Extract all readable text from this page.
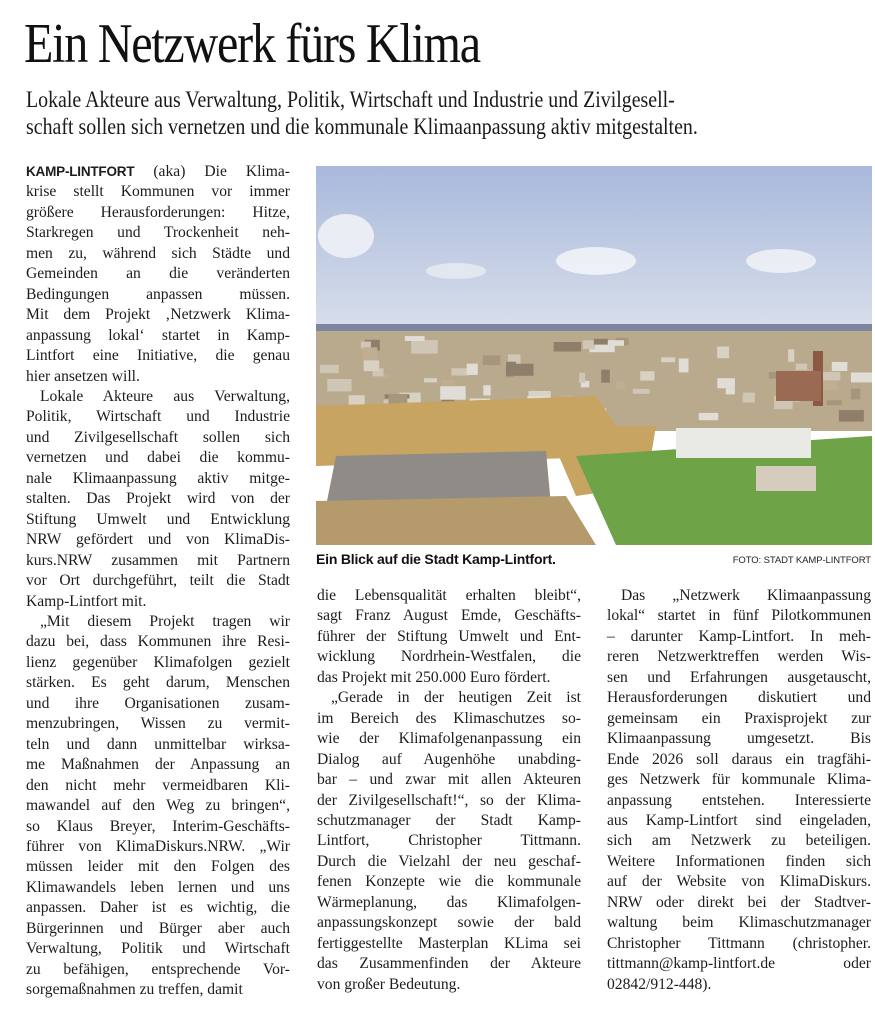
Ein Netzwerk fürs Klima
Lokale Akteure aus Verwaltung, Politik, Wirtschaft und Industrie und Zivilgesell-
schaft sollen sich vernetzen und die kommunale Klimaanpassung aktiv mitgestalten.
Ein Blick auf die Stadt Kamp-Lintfort.	FOTO: STADT KAMP-LINTFORT

KAMP-LINTFORT (aka) Die Klima-
krise stellt Kommunen vor immer
größere Herausforderungen: Hitze,
Starkregen und Trockenheit neh-
men zu, während sich Städte und
Gemeinden an die veränderten
Bedingungen anpassen müssen.
Mit dem Projekt ‚Netzwerk Klima-
anpassung lokal‘ startet in Kamp-
Lintfort eine Initiative, die genau
hier ansetzen will.

Lokale Akteure aus Verwaltung,
Politik, Wirtschaft und Industrie
und Zivilgesellschaft sollen sich
vernetzen und dabei die kommu-
nale Klimaanpassung aktiv mitge-
stalten. Das Projekt wird von der
Stiftung Umwelt und Entwicklung
NRW gefördert und von KlimaDis-
kurs.NRW zusammen mit Partnern
vor Ort durchgeführt, teilt die Stadt
Kamp-Lintfort mit.

„Mit diesem Projekt tragen wir
dazu bei, dass Kommunen ihre Resi-
lienz gegenüber Klimafolgen gezielt
stärken. Es geht darum, Menschen
und ihre Organisationen zusam-
menzubringen, Wissen zu vermit-
teln und dann unmittelbar wirksa-
me Maßnahmen der Anpassung an
den nicht mehr vermeidbaren Kli-
mawandel auf den Weg zu bringen“,
so Klaus Breyer, Interim-Geschäfts-
führer von KlimaDiskurs.NRW. „Wir
müssen leider mit den Folgen des
Klimawandels leben lernen und uns
anpassen. Daher ist es wichtig, die
Bürgerinnen und Bürger aber auch
Verwaltung, Politik und Wirtschaft
zu befähigen, entsprechende Vor-
sorgemaßnahmen zu treffen, damit

die Lebensqualität erhalten bleibt“,
sagt Franz August Emde, Geschäfts-
führer der Stiftung Umwelt und Ent-
wicklung Nordrhein-Westfalen, die
das Projekt mit 250.000 Euro fördert.

„Gerade in der heutigen Zeit ist
im Bereich des Klimaschutzes so-
wie der Klimafolgenanpassung ein
Dialog auf Augenhöhe unabding-
bar – und zwar mit allen Akteuren
der Zivilgesellschaft!“, so der Klima-
schutzmanager der Stadt Kamp-
Lintfort, Christopher Tittmann.
Durch die Vielzahl der neu geschaf-
fenen Konzepte wie die kommunale
Wärmeplanung, das Klimafolgen-
anpassungskonzept sowie der bald
fertiggestellte Masterplan KLima sei
das Zusammenfinden der Akteure
von großer Bedeutung.

Das „Netzwerk Klimaanpassung
lokal“ startet in fünf Pilotkommunen
– darunter Kamp-Lintfort. In meh-
reren Netzwerktreffen werden Wis-
sen und Erfahrungen ausgetauscht,
Herausforderungen diskutiert und
gemeinsam ein Praxisprojekt zur
Klimaanpassung umgesetzt. Bis
Ende 2026 soll daraus ein tragfähi-
ges Netzwerk für kommunale Klima-
anpassung entstehen. Interessierte
aus Kamp-Lintfort sind eingeladen,
sich am Netzwerk zu beteiligen.
Weitere Informationen finden sich
auf der Website von KlimaDiskurs.
NRW oder direkt bei der Stadtver-
waltung beim Klimaschutzmanager
Christopher Tittmann (christopher.
tittmann@kamp-lintfort.de oder
02842/912-448).
